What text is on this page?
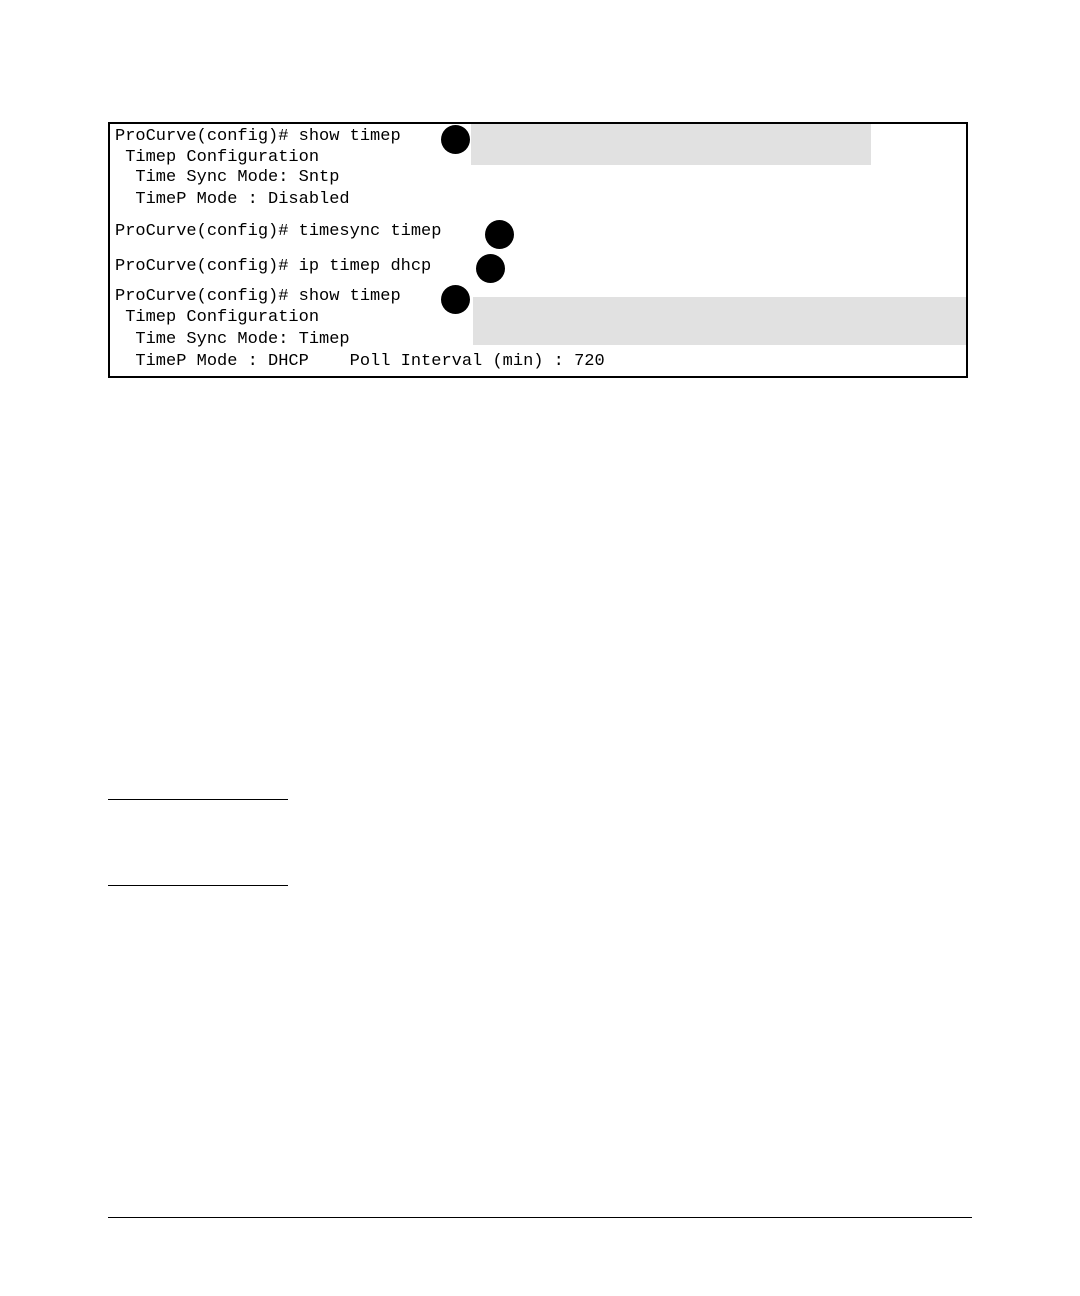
ProCurve(config)# show timep
Timep Configuration
Time Sync Mode: Sntp
TimeP Mode : Disabled
ProCurve(config)# timesync timep
ProCurve(config)# ip timep dhcp
ProCurve(config)# show timep
Timep Configuration
Time Sync Mode: Timep
TimeP Mode : DHCP    Poll Interval (min) : 720
